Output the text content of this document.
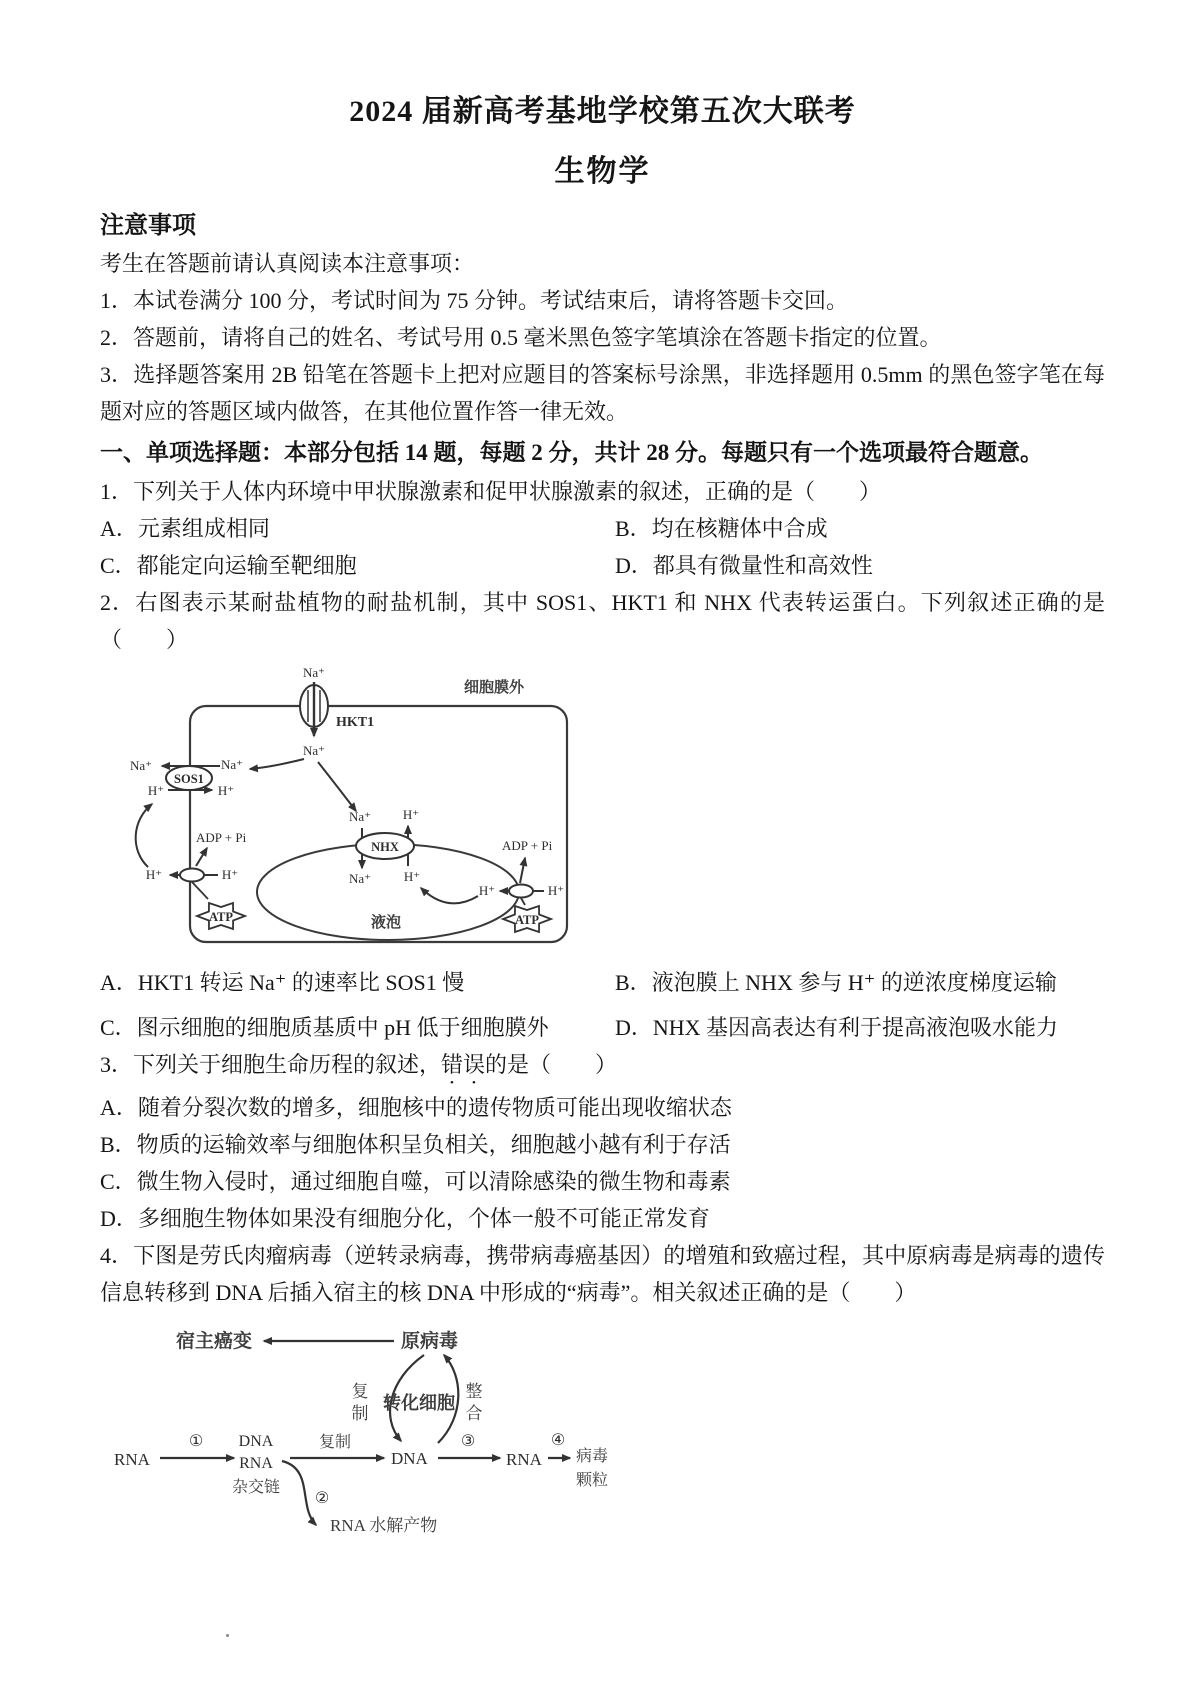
2024 届新高考基地学校第五次大联考
生物学

注意事项

考生在答题前请认真阅读本注意事项：

1．本试卷满分 100 分，考试时间为 75 分钟。考试结束后，请将答题卡交回。

2．答题前，请将自己的姓名、考试号用 0.5 毫米黑色签字笔填涂在答题卡指定的位置。

3．选择题答案用 2B 铅笔在答题卡上把对应题目的答案标号涂黑，非选择题用 0.5mm 的黑色签字笔在每题对应的答题区域内做答，在其他位置作答一律无效。

一、单项选择题：本部分包括 14 题，每题 2 分，共计 28 分。每题只有一个选项最符合题意。

1．下列关于人体内环境中甲状腺激素和促甲状腺激素的叙述，正确的是（　　）

A．元素组成相同	B．均在核糖体中合成

C．都能定向运输至靶细胞	D．都具有微量性和高效性

2．右图表示某耐盐植物的耐盐机制，其中 SOS1、HKT1 和 NHX 代表转运蛋白。下列叙述正确的是（　　）

细胞膜外
Na⁺
Na⁺
HKT1
SOS1
Na⁺	Na⁺
H⁺	H⁺
H⁺
H⁺
ADP + Pi
ATP
NHX
Na⁺
Na⁺
H⁺
H⁺
H⁺
H⁺
ADP + Pi
ATP
液泡

A．HKT1 转运 Na⁺ 的速率比 SOS1 慢	B．液泡膜上 NHX 参与 H⁺ 的逆浓度梯度运输

C．图示细胞的细胞质基质中 pH 低于细胞膜外	D．NHX 基因高表达有利于提高液泡吸水能力

3．下列关于细胞生命历程的叙述，错误的是（　　）

A．随着分裂次数的增多，细胞核中的遗传物质可能出现收缩状态

B．物质的运输效率与细胞体积呈负相关，细胞越小越有利于存活

C．微生物入侵时，通过细胞自噬，可以清除感染的微生物和毒素

D．多细胞生物体如果没有细胞分化，个体一般不可能正常发育

4．下图是劳氏肉瘤病毒（逆转录病毒，携带病毒癌基因）的增殖和致癌过程，其中原病毒是病毒的遗传信息转移到 DNA 后插入宿主的核 DNA 中形成的“病毒”。相关叙述正确的是（　　）

宿主癌变	原病毒
复
制
整
合
转化细胞
RNA
① DNA
RNA
杂交链
复制
DNA
③
RNA
④
病毒
颗粒
②
RNA 水解产物
